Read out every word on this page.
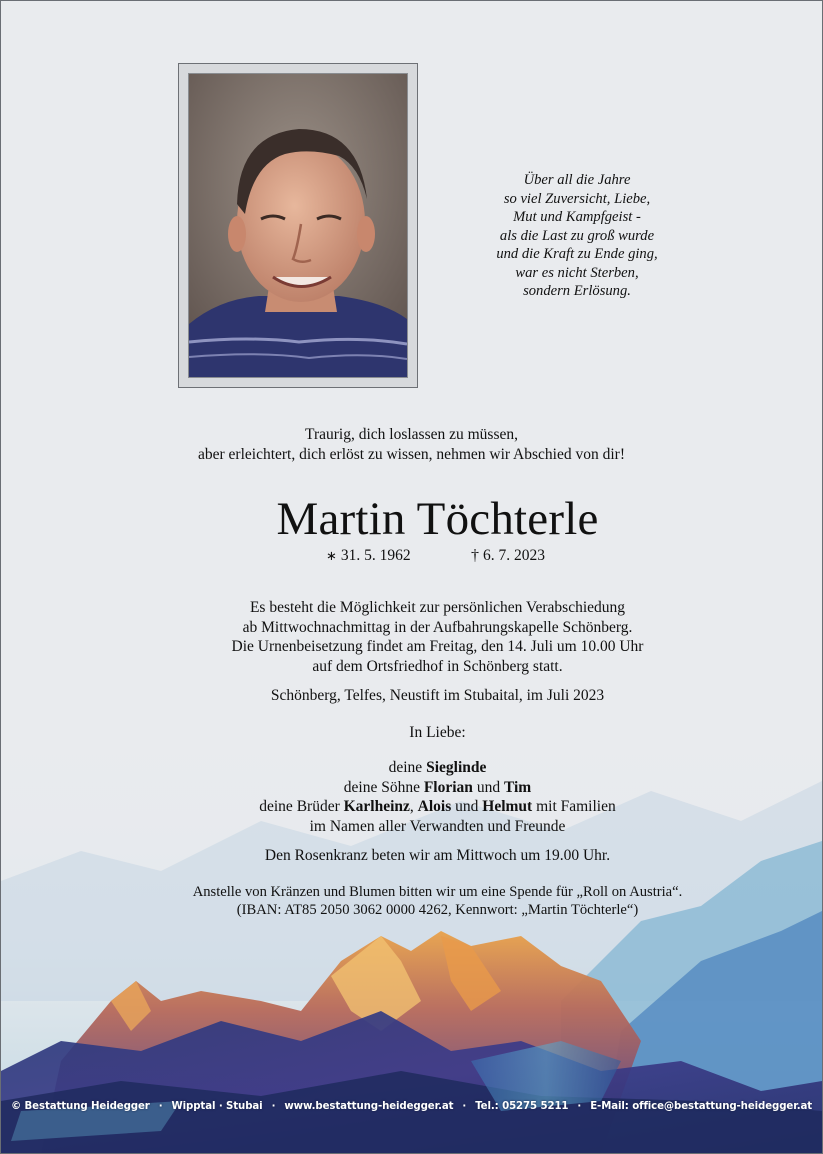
Über all die Jahre
so viel Zuversicht, Liebe,
Mut und Kampfgeist -
als die Last zu groß wurde
und die Kraft zu Ende ging,
war es nicht Sterben,
sondern Erlösung.
Traurig, dich loslassen zu müssen,
aber erleichtert, dich erlöst zu wissen, nehmen wir Abschied von dir!
Martin Töchterle
∗ 31. 5. 1962	† 6. 7. 2023
Es besteht die Möglichkeit zur persönlichen Verabschiedung
ab Mittwochnachmittag in der Aufbahrungskapelle Schönberg.
Die Urnenbeisetzung findet am Freitag, den 14. Juli um 10.00 Uhr
auf dem Ortsfriedhof in Schönberg statt.
Schönberg, Telfes, Neustift im Stubaital, im Juli 2023
In Liebe:
deine Sieglinde
deine Söhne Florian und Tim
deine Brüder Karlheinz, Alois und Helmut mit Familien
im Namen aller Verwandten und Freunde
Den Rosenkranz beten wir am Mittwoch um 19.00 Uhr.
Anstelle von Kränzen und Blumen bitten wir um eine Spende für „Roll on Austria“.
(IBAN: AT85 2050 3062 0000 4262, Kennwort: „Martin Töchterle“)
© Bestattung Heidegger · Wipptal · Stubai · www.bestattung-heidegger.at · Tel.: 05275 5211 · E-Mail: office@bestattung-heidegger.at
